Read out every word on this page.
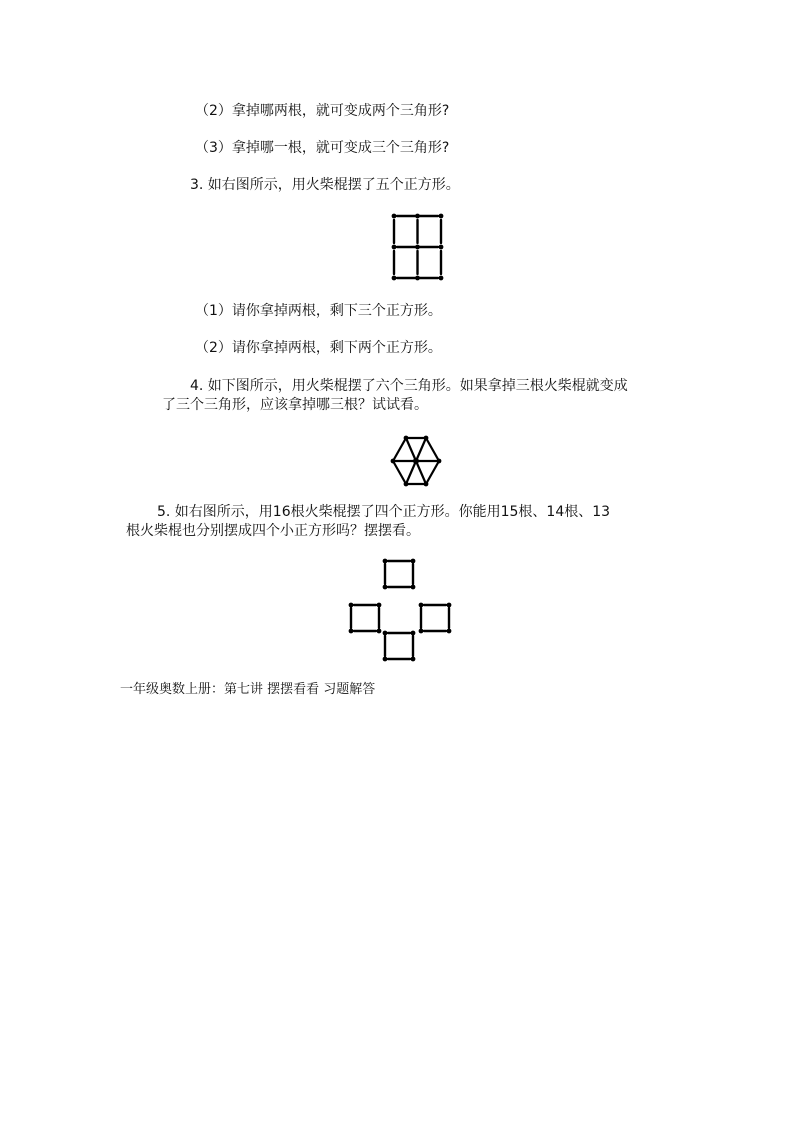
（2）拿掉哪两根，就可变成两个三角形?
（3）拿掉哪一根，就可变成三个三角形?
3. 如右图所示，用火柴棍摆了五个正方形。
（1）请你拿掉两根，剩下三个正方形。
（2）请你拿掉两根，剩下两个正方形。
4. 如下图所示，用火柴棍摆了六个三角形。如果拿掉三根火柴棍就变成
了三个三角形，应该拿掉哪三根？试试看。
5. 如右图所示，用16根火柴棍摆了四个正方形。你能用15根、14根、13
根火柴棍也分别摆成四个小正方形吗？摆摆看。
一年级奥数上册：第七讲 摆摆看看 习题解答
